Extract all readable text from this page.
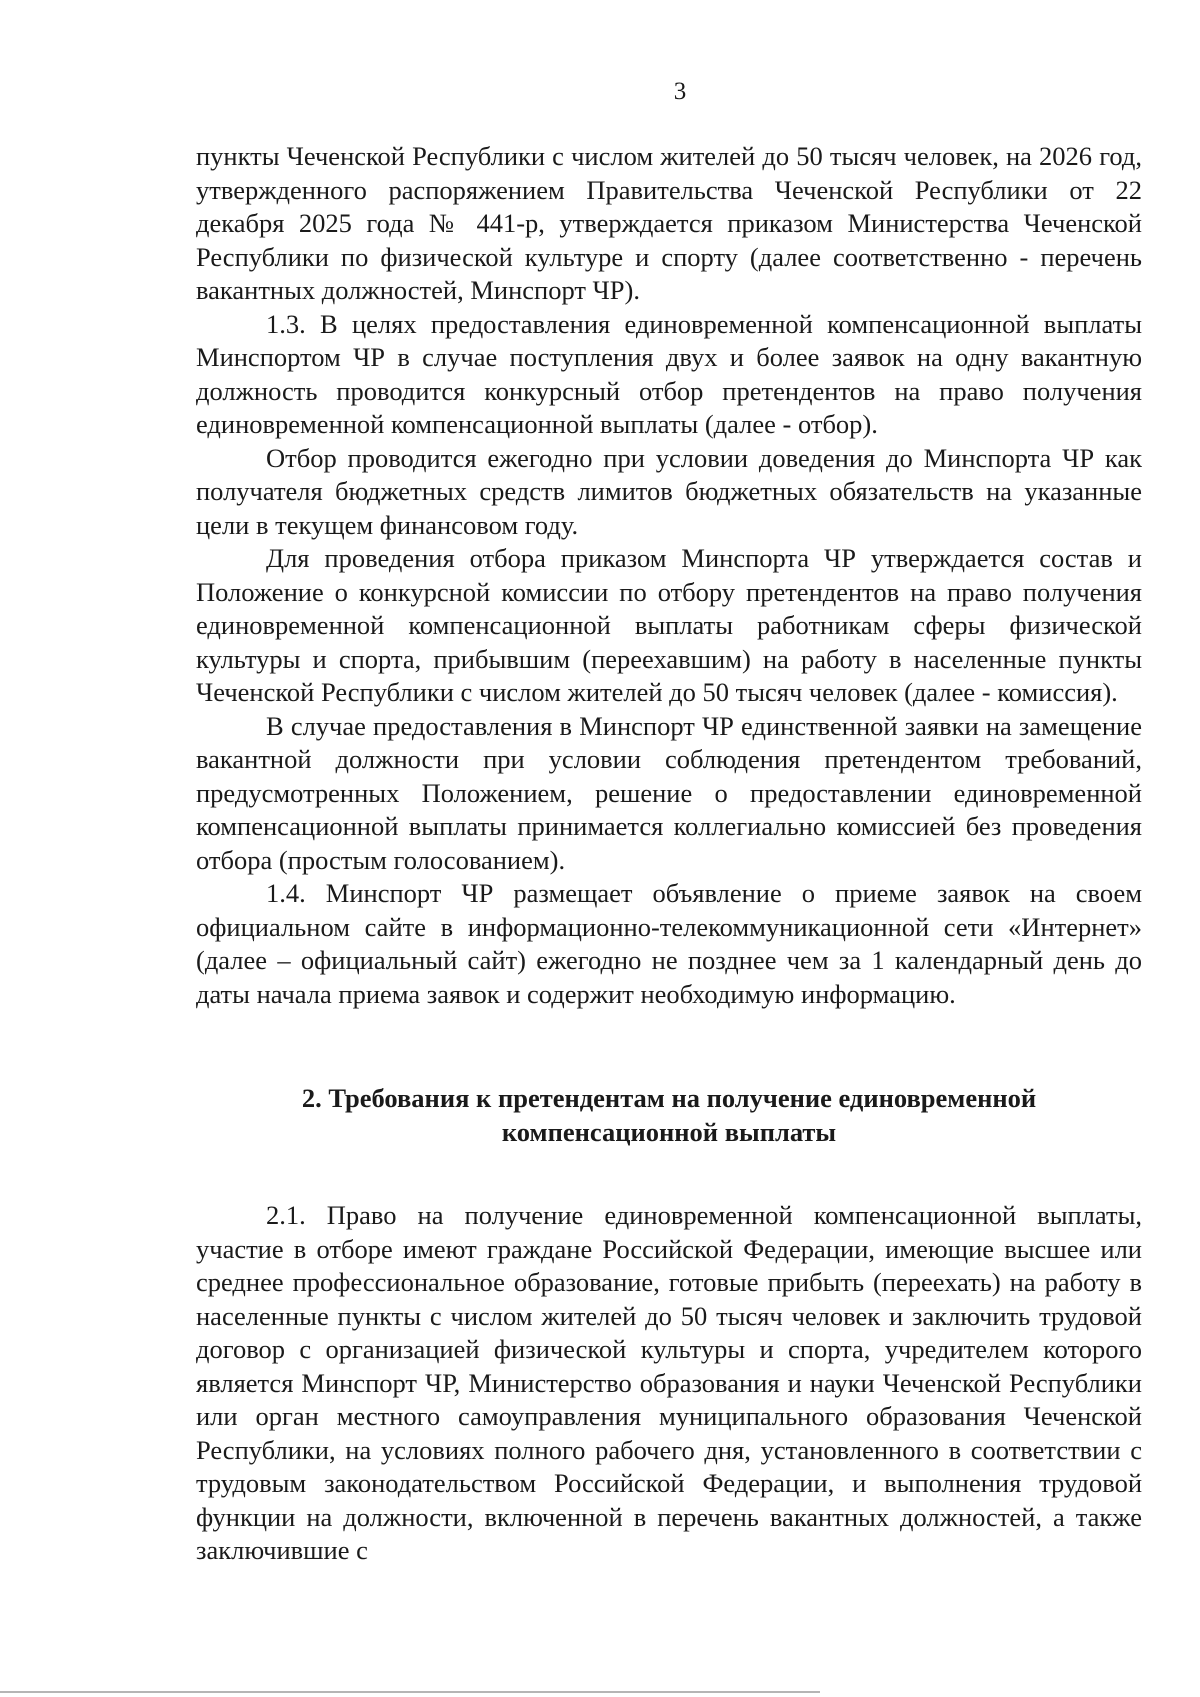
3

пункты Чеченской Республики с числом жителей до 50 тысяч человек, на 2026 год, утвержденного распоряжением Правительства Чеченской Республики от 22 декабря 2025 года № 441-р, утверждается приказом Министерства Чеченской Республики по физической культуре и спорту (далее соответственно - перечень вакантных должностей, Минспорт ЧР).

1.3. В целях предоставления единовременной компенсационной выплаты Минспортом ЧР в случае поступления двух и более заявок на одну вакантную должность проводится конкурсный отбор претендентов на право получения единовременной компенсационной выплаты (далее - отбор).

Отбор проводится ежегодно при условии доведения до Минспорта ЧР как получателя бюджетных средств лимитов бюджетных обязательств на указанные цели в текущем финансовом году.

Для проведения отбора приказом Минспорта ЧР утверждается состав и Положение о конкурсной комиссии по отбору претендентов на право получения единовременной компенсационной выплаты работникам сферы физической культуры и спорта, прибывшим (переехавшим) на работу в населенные пункты Чеченской Республики с числом жителей до 50 тысяч человек (далее - комиссия).

В случае предоставления в Минспорт ЧР единственной заявки на замещение вакантной должности при условии соблюдения претендентом требований, предусмотренных Положением, решение о предоставлении единовременной компенсационной выплаты принимается коллегиально комиссией без проведения отбора (простым голосованием).

1.4. Минспорт ЧР размещает объявление о приеме заявок на своем официальном сайте в информационно-телекоммуникационной сети «Интернет» (далее – официальный сайт) ежегодно не позднее чем за 1 календарный день до даты начала приема заявок и содержит необходимую информацию.

2. Требования к претендентам на получение единовременной
компенсационной выплаты

2.1. Право на получение единовременной компенсационной выплаты, участие в отборе имеют граждане Российской Федерации, имеющие высшее или среднее профессиональное образование, готовые прибыть (переехать) на работу в населенные пункты с числом жителей до 50 тысяч человек и заключить трудовой договор с организацией физической культуры и спорта, учредителем которого является Минспорт ЧР, Министерство образования и науки Чеченской Республики или орган местного самоуправления муниципального образования Чеченской Республики, на условиях полного рабочего дня, установленного в соответствии с трудовым законодательством Российской Федерации, и выполнения трудовой функции на должности, включенной в перечень вакантных должностей, а также заключившие с
